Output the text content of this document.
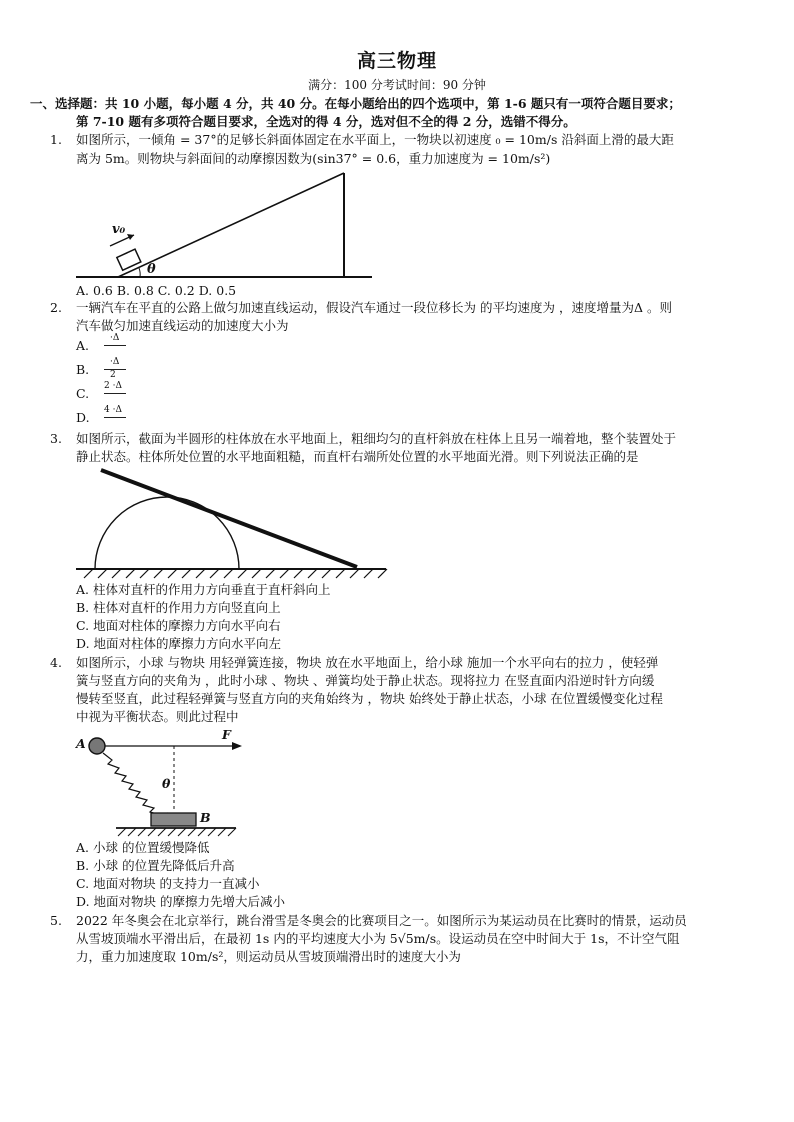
高三物理
满分：100 分考试时间：90 分钟
一、选择题：共 10 小题，每小题 4 分，共 40 分。在每小题给出的四个选项中，第 1-6 题只有一项符合题目要求；
第 7-10 题有多项符合题目要求，全选对的得 4 分，选对但不全的得 2 分，选错不得分。
1. 如图所示，一倾角 = 37°的足够长斜面体固定在水平面上，一物块以初速度 ₀ = 10m/s 沿斜面上滑的最大距
离为 5m。则物块与斜面间的动摩擦因数为(sin37° = 0.6，重力加速度为 = 10m/s²)
v₀
θ
A. 0.6 B. 0.8 C. 0.2 D. 0.5
2. 一辆汽车在平直的公路上做匀加速直线运动，假设汽车通过一段位移长为 的平均速度为 ，速度增量为Δ 。则
汽车做匀加速直线运动的加速度大小为
A. ·Δ
B. ·Δ
2
C. 2 ·Δ
D. 4 ·Δ
3. 如图所示，截面为半圆形的柱体放在水平地面上，粗细均匀的直杆斜放在柱体上且另一端着地，整个装置处于
静止状态。柱体所处位置的水平地面粗糙，而直杆右端所处位置的水平地面光滑。则下列说法正确的是
A. 柱体对直杆的作用力方向垂直于直杆斜向上
B. 柱体对直杆的作用力方向竖直向上
C. 地面对柱体的摩擦力方向水平向右
D. 地面对柱体的摩擦力方向水平向左
4. 如图所示，小球 与物块 用轻弹簧连接，物块 放在水平地面上，给小球 施加一个水平向右的拉力 ，使轻弹
簧与竖直方向的夹角为 ，此时小球 、物块 、弹簧均处于静止状态。现将拉力 在竖直面内沿逆时针方向缓
慢转至竖直，此过程轻弹簧与竖直方向的夹角始终为 ，物块 始终处于静止状态，小球 在位置缓慢变化过程
中视为平衡状态。则此过程中
A
F
θ
B
A. 小球 的位置缓慢降低
B. 小球 的位置先降低后升高
C. 地面对物块 的支持力一直减小
D. 地面对物块 的摩擦力先增大后减小
5. 2022 年冬奥会在北京举行，跳台滑雪是冬奥会的比赛项目之一。如图所示为某运动员在比赛时的情景，运动员
从雪坡顶端水平滑出后，在最初 1s 内的平均速度大小为 5√5m/s。设运动员在空中时间大于 1s，不计空气阻
力，重力加速度取 10m/s²，则运动员从雪坡顶端滑出时的速度大小为
